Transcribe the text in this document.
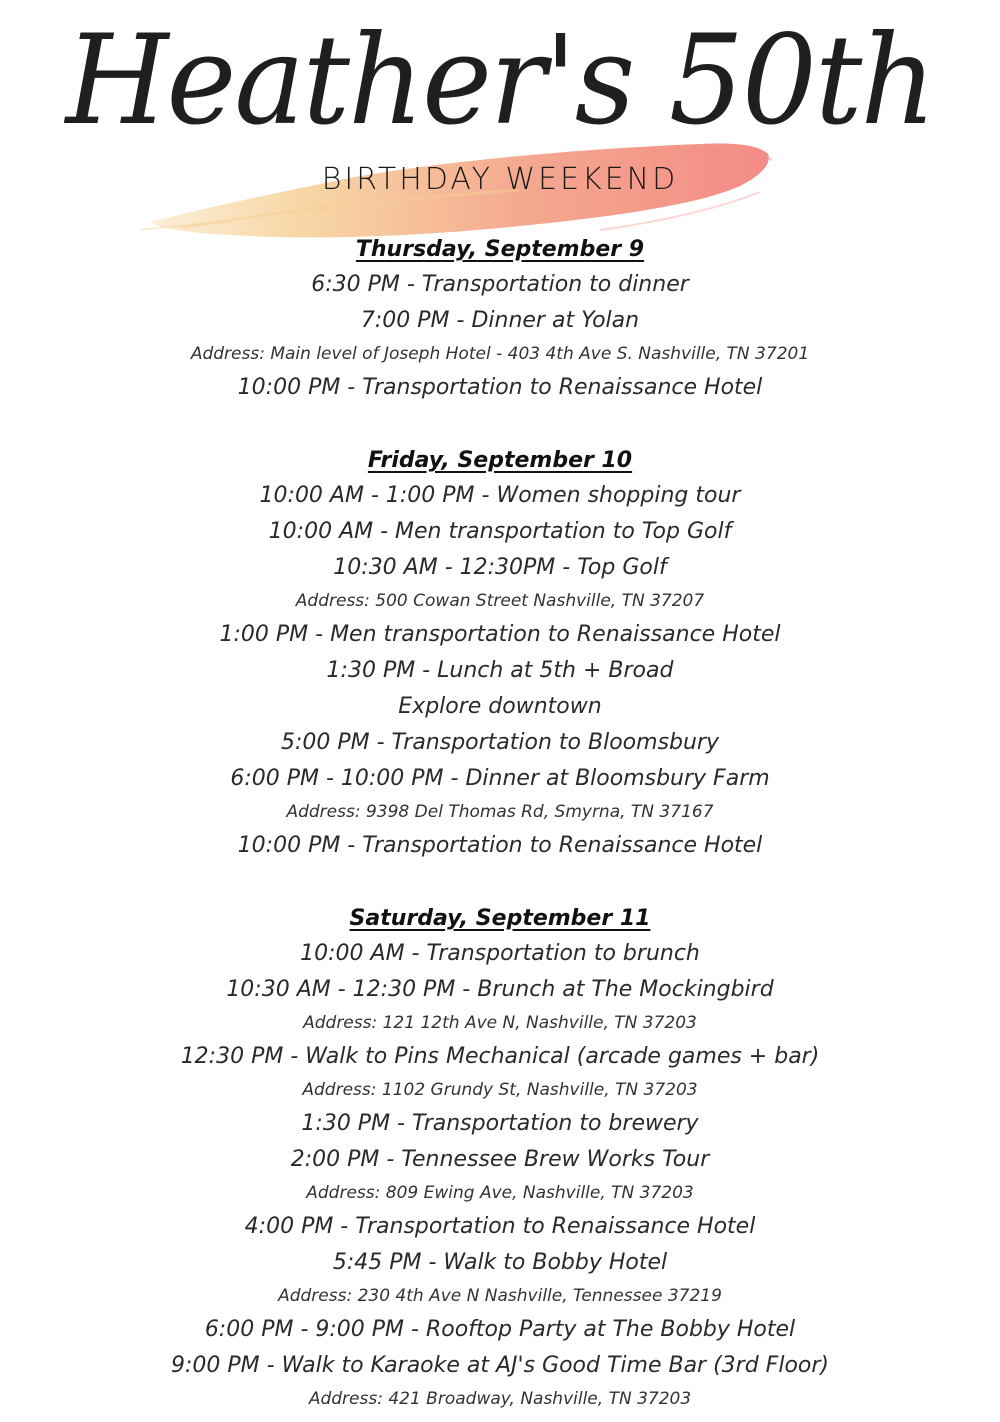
Heather's 50th
BIRTHDAY WEEKEND
Thursday, September 9
6:30 PM - Transportation to dinner
7:00 PM - Dinner at Yolan
Address: Main level of Joseph Hotel - 403 4th Ave S. Nashville, TN 37201
10:00 PM - Transportation to Renaissance Hotel
Friday, September 10
10:00 AM - 1:00 PM - Women shopping tour
10:00 AM - Men transportation to Top Golf
10:30 AM - 12:30PM - Top Golf
Address: 500 Cowan Street Nashville, TN 37207
1:00 PM - Men transportation to Renaissance Hotel
1:30 PM - Lunch at 5th + Broad
Explore downtown
5:00 PM - Transportation to Bloomsbury
6:00 PM - 10:00 PM - Dinner at Bloomsbury Farm
Address: 9398 Del Thomas Rd, Smyrna, TN 37167
10:00 PM - Transportation to Renaissance Hotel
Saturday, September 11
10:00 AM - Transportation to brunch
10:30 AM - 12:30 PM - Brunch at The Mockingbird
Address: 121 12th Ave N, Nashville, TN 37203
12:30 PM - Walk to Pins Mechanical (arcade games + bar)
Address: 1102 Grundy St, Nashville, TN 37203
1:30 PM - Transportation to brewery
2:00 PM - Tennessee Brew Works Tour
Address: 809 Ewing Ave, Nashville, TN 37203
4:00 PM - Transportation to Renaissance Hotel
5:45 PM - Walk to Bobby Hotel
Address: 230 4th Ave N Nashville, Tennessee 37219
6:00 PM - 9:00 PM - Rooftop Party at The Bobby Hotel
9:00 PM - Walk to Karaoke at AJ's Good Time Bar (3rd Floor)
Address: 421 Broadway, Nashville, TN 37203
